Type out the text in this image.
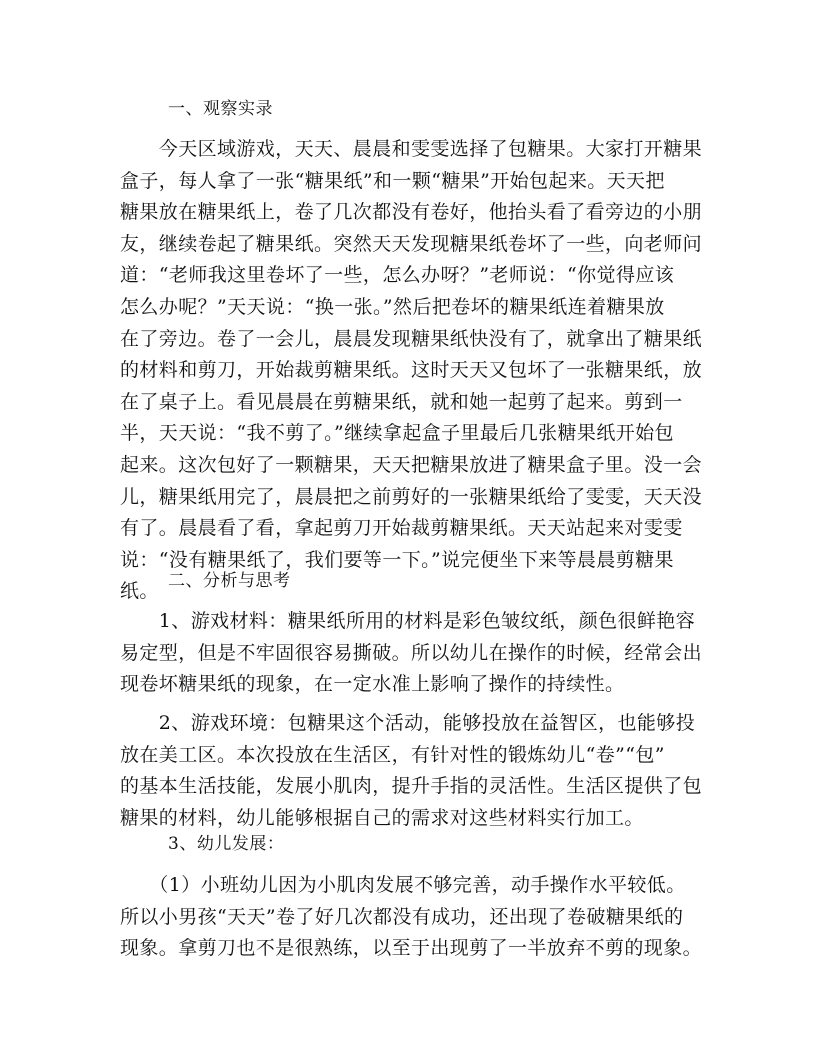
一、观察实录
　　今天区域游戏，天天、晨晨和雯雯选择了包糖果。大家打开糖果
盒子，每人拿了一张“糖果纸”和一颗“糖果”开始包起来。天天把
糖果放在糖果纸上，卷了几次都没有卷好，他抬头看了看旁边的小朋
友，继续卷起了糖果纸。突然天天发现糖果纸卷坏了一些，向老师问
道：“老师我这里卷坏了一些，怎么办呀？”老师说：“你觉得应该
怎么办呢？”天天说：“换一张。”然后把卷坏的糖果纸连着糖果放
在了旁边。卷了一会儿，晨晨发现糖果纸快没有了，就拿出了糖果纸
的材料和剪刀，开始裁剪糖果纸。这时天天又包坏了一张糖果纸，放
在了桌子上。看见晨晨在剪糖果纸，就和她一起剪了起来。剪到一
半，天天说：“我不剪了。”继续拿起盒子里最后几张糖果纸开始包
起来。这次包好了一颗糖果，天天把糖果放进了糖果盒子里。没一会
儿，糖果纸用完了，晨晨把之前剪好的一张糖果纸给了雯雯，天天没
有了。晨晨看了看，拿起剪刀开始裁剪糖果纸。天天站起来对雯雯
说：“没有糖果纸了，我们要等一下。”说完便坐下来等晨晨剪糖果
纸。 二、分析与思考
　　1、游戏材料：糖果纸所用的材料是彩色皱纹纸，颜色很鲜艳容
易定型，但是不牢固很容易撕破。所以幼儿在操作的时候，经常会出
现卷坏糖果纸的现象，在一定水准上影响了操作的持续性。
　　2、游戏环境：包糖果这个活动，能够投放在益智区，也能够投
放在美工区。本次投放在生活区，有针对性的锻炼幼儿“卷”“包”
的基本生活技能，发展小肌肉，提升手指的灵活性。生活区提供了包
糖果的材料，幼儿能够根据自己的需求对这些材料实行加工。
3、幼儿发展：
　　（1）小班幼儿因为小肌肉发展不够完善，动手操作水平较低。
所以小男孩“天天”卷了好几次都没有成功，还出现了卷破糖果纸的
现象。拿剪刀也不是很熟练，以至于出现剪了一半放弃不剪的现象。
